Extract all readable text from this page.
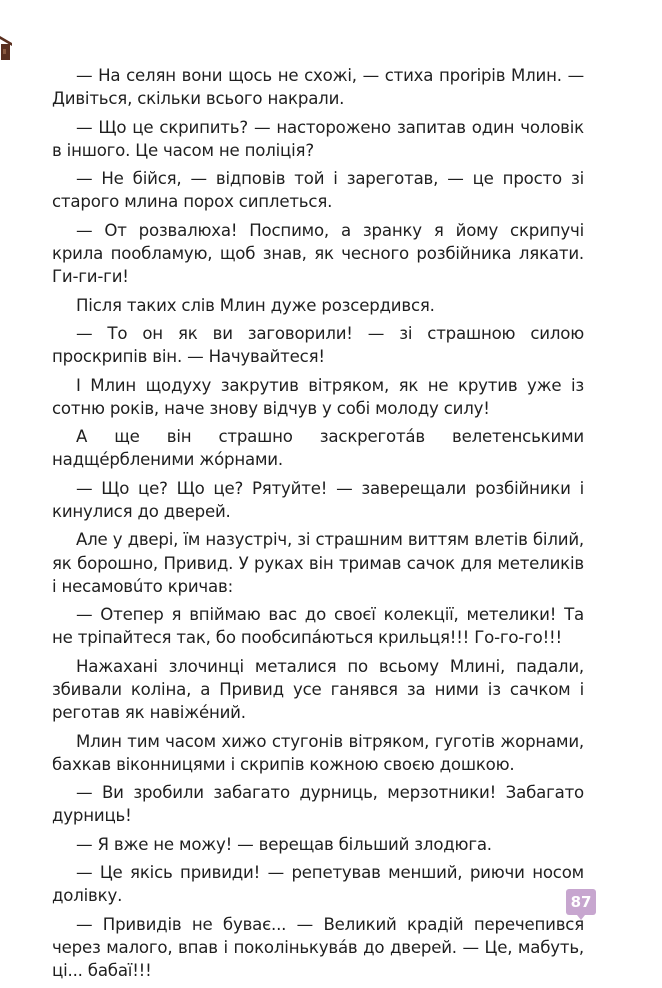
— На селян вони щось не схожі, — стиха проripів Млин. — Дивіться, скільки всього накрали.

— Що це скрипить? — насторожено запитав один чоловік в іншого. Це часом не поліція?

— Не бійся, — відповів той і зареготав, — це просто зі старого млина порох сиплеться.

— От розвалюха! Поспимо, а зранку я йому скрипучі крила пообламую, щоб знав, як чесного розбійника лякати. Ги-ги-ги!

Після таких слів Млин дуже розсердився.

— То он як ви заговорили! — зі страшною силою проскрипів він. — Начувайтеся!

І Млин щодуху закрутив вітряком, як не крутив уже із сотню років, наче знову відчув у собі молоду силу!

А ще він страшно заскреготáв велетенськими надщéрбленими жóрнами.

— Що це? Що це? Рятуйте! — заверещали розбійники і кинулися до дверей.

Але у двері, їм назустріч, зі страшним виттям влетів білий, як борошно, Привид. У руках він тримав сачок для метеликів і несамовúто кричав:

— Отепер я впіймаю вас до своєї колекції, метелики! Та не тріпайтеся так, бо пообсипáються крильця!!! Го-го-го!!!

Нажахані злочинці металися по всьому Млині, падали, збивали коліна, а Привид усе ганявся за ними із сачком і реготав як навіжéний.

Млин тим часом хижо стугонів вітряком, гуготів жорнами, бахкав віконницями і скрипів кожною своєю дошкою.

— Ви зробили забагато дурниць, мерзотники! Забагато дурниць!

— Я вже не можу! — верещав більший злодюга.

— Це якісь привиди! — репетував менший, риючи носом долівку.

— Привидів не буває... — Великий крадій перечепився через малого, впав і поколінькувáв до дверей. — Це, мабуть, ці... бабаї!!!

87
